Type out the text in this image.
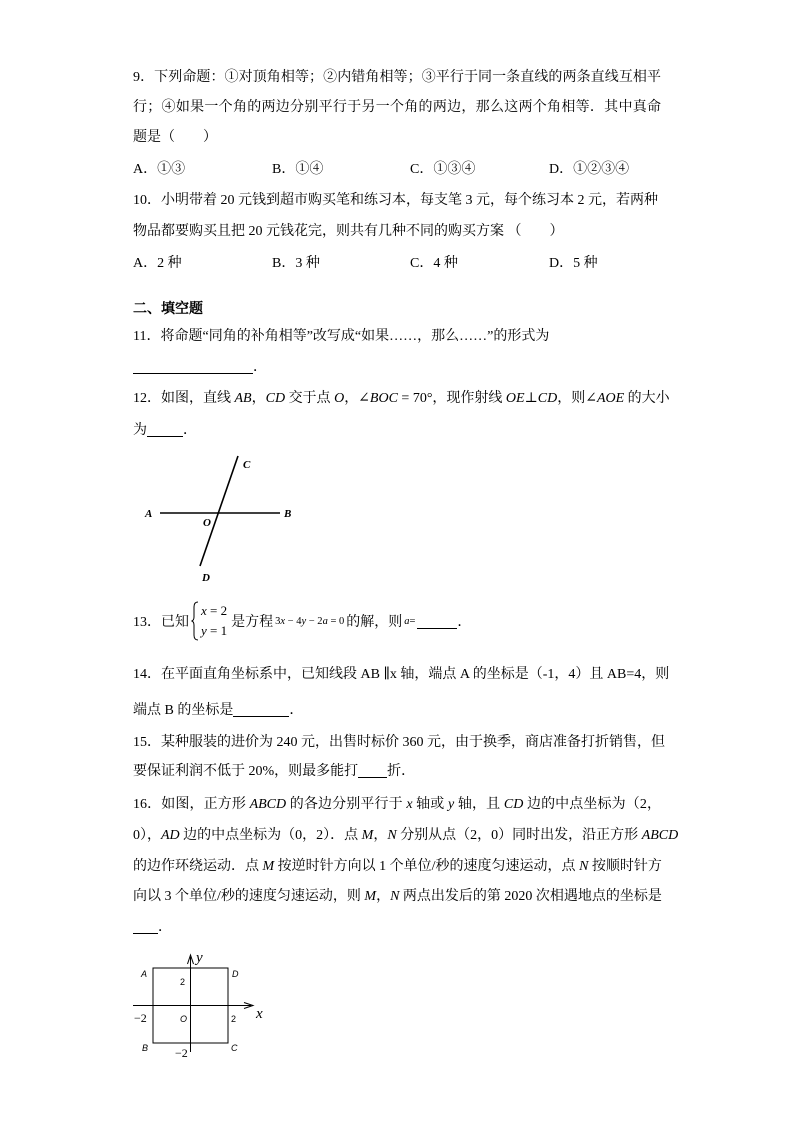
9．下列命题：①对顶角相等；②内错角相等；③平行于同一条直线的两条直线互相平
行；④如果一个角的两边分别平行于另一个角的两边，那么这两个角相等．其中真命
题是（　　）
A．①③	B．①④	C．①③④	D．①②③④
10．小明带着 20 元钱到超市购买笔和练习本，每支笔 3 元，每个练习本 2 元，若两种
物品都要购买且把 20 元钱花完，则共有几种不同的购买方案 （　　）
A．2 种	B．3 种	C．4 种	D．5 种
二、填空题
11．将命题“同角的补角相等”改写成“如果……，那么……”的形式为
．
12．如图，直线 AB，CD 交于点 O，∠BOC = 70°，现作射线 OE⊥CD，则∠AOE 的大小
为	．
A	B
C
D
O
13．已知
x = 2
y = 1
是方程 3x − 4y − 2a = 0 的解，则 a=	．
14．在平面直角坐标系中，已知线段 AB ∥x 轴，端点 A 的坐标是（-1，4）且 AB=4，则
端点 B 的坐标是	．
15．某种服装的进价为 240 元，出售时标价 360 元，由于换季，商店准备打折销售，但
要保证利润不低于 20%，则最多能打 折．
16．如图，正方形 ABCD 的各边分别平行于 x 轴或 y 轴，且 CD 边的中点坐标为（2，
0），AD 边的中点坐标为（0，2）．点 M，N 分别从点（2，0）同时出发，沿正方形 ABCD
的边作环绕运动．点 M 按逆时针方向以 1 个单位/秒的速度匀速运动，点 N 按顺时针方
向以 3 个单位/秒的速度匀速运动，则 M，N 两点出发后的第 2020 次相遇地点的坐标是
．
A	D
B	C
O
2
−2	2
−2
y
x
